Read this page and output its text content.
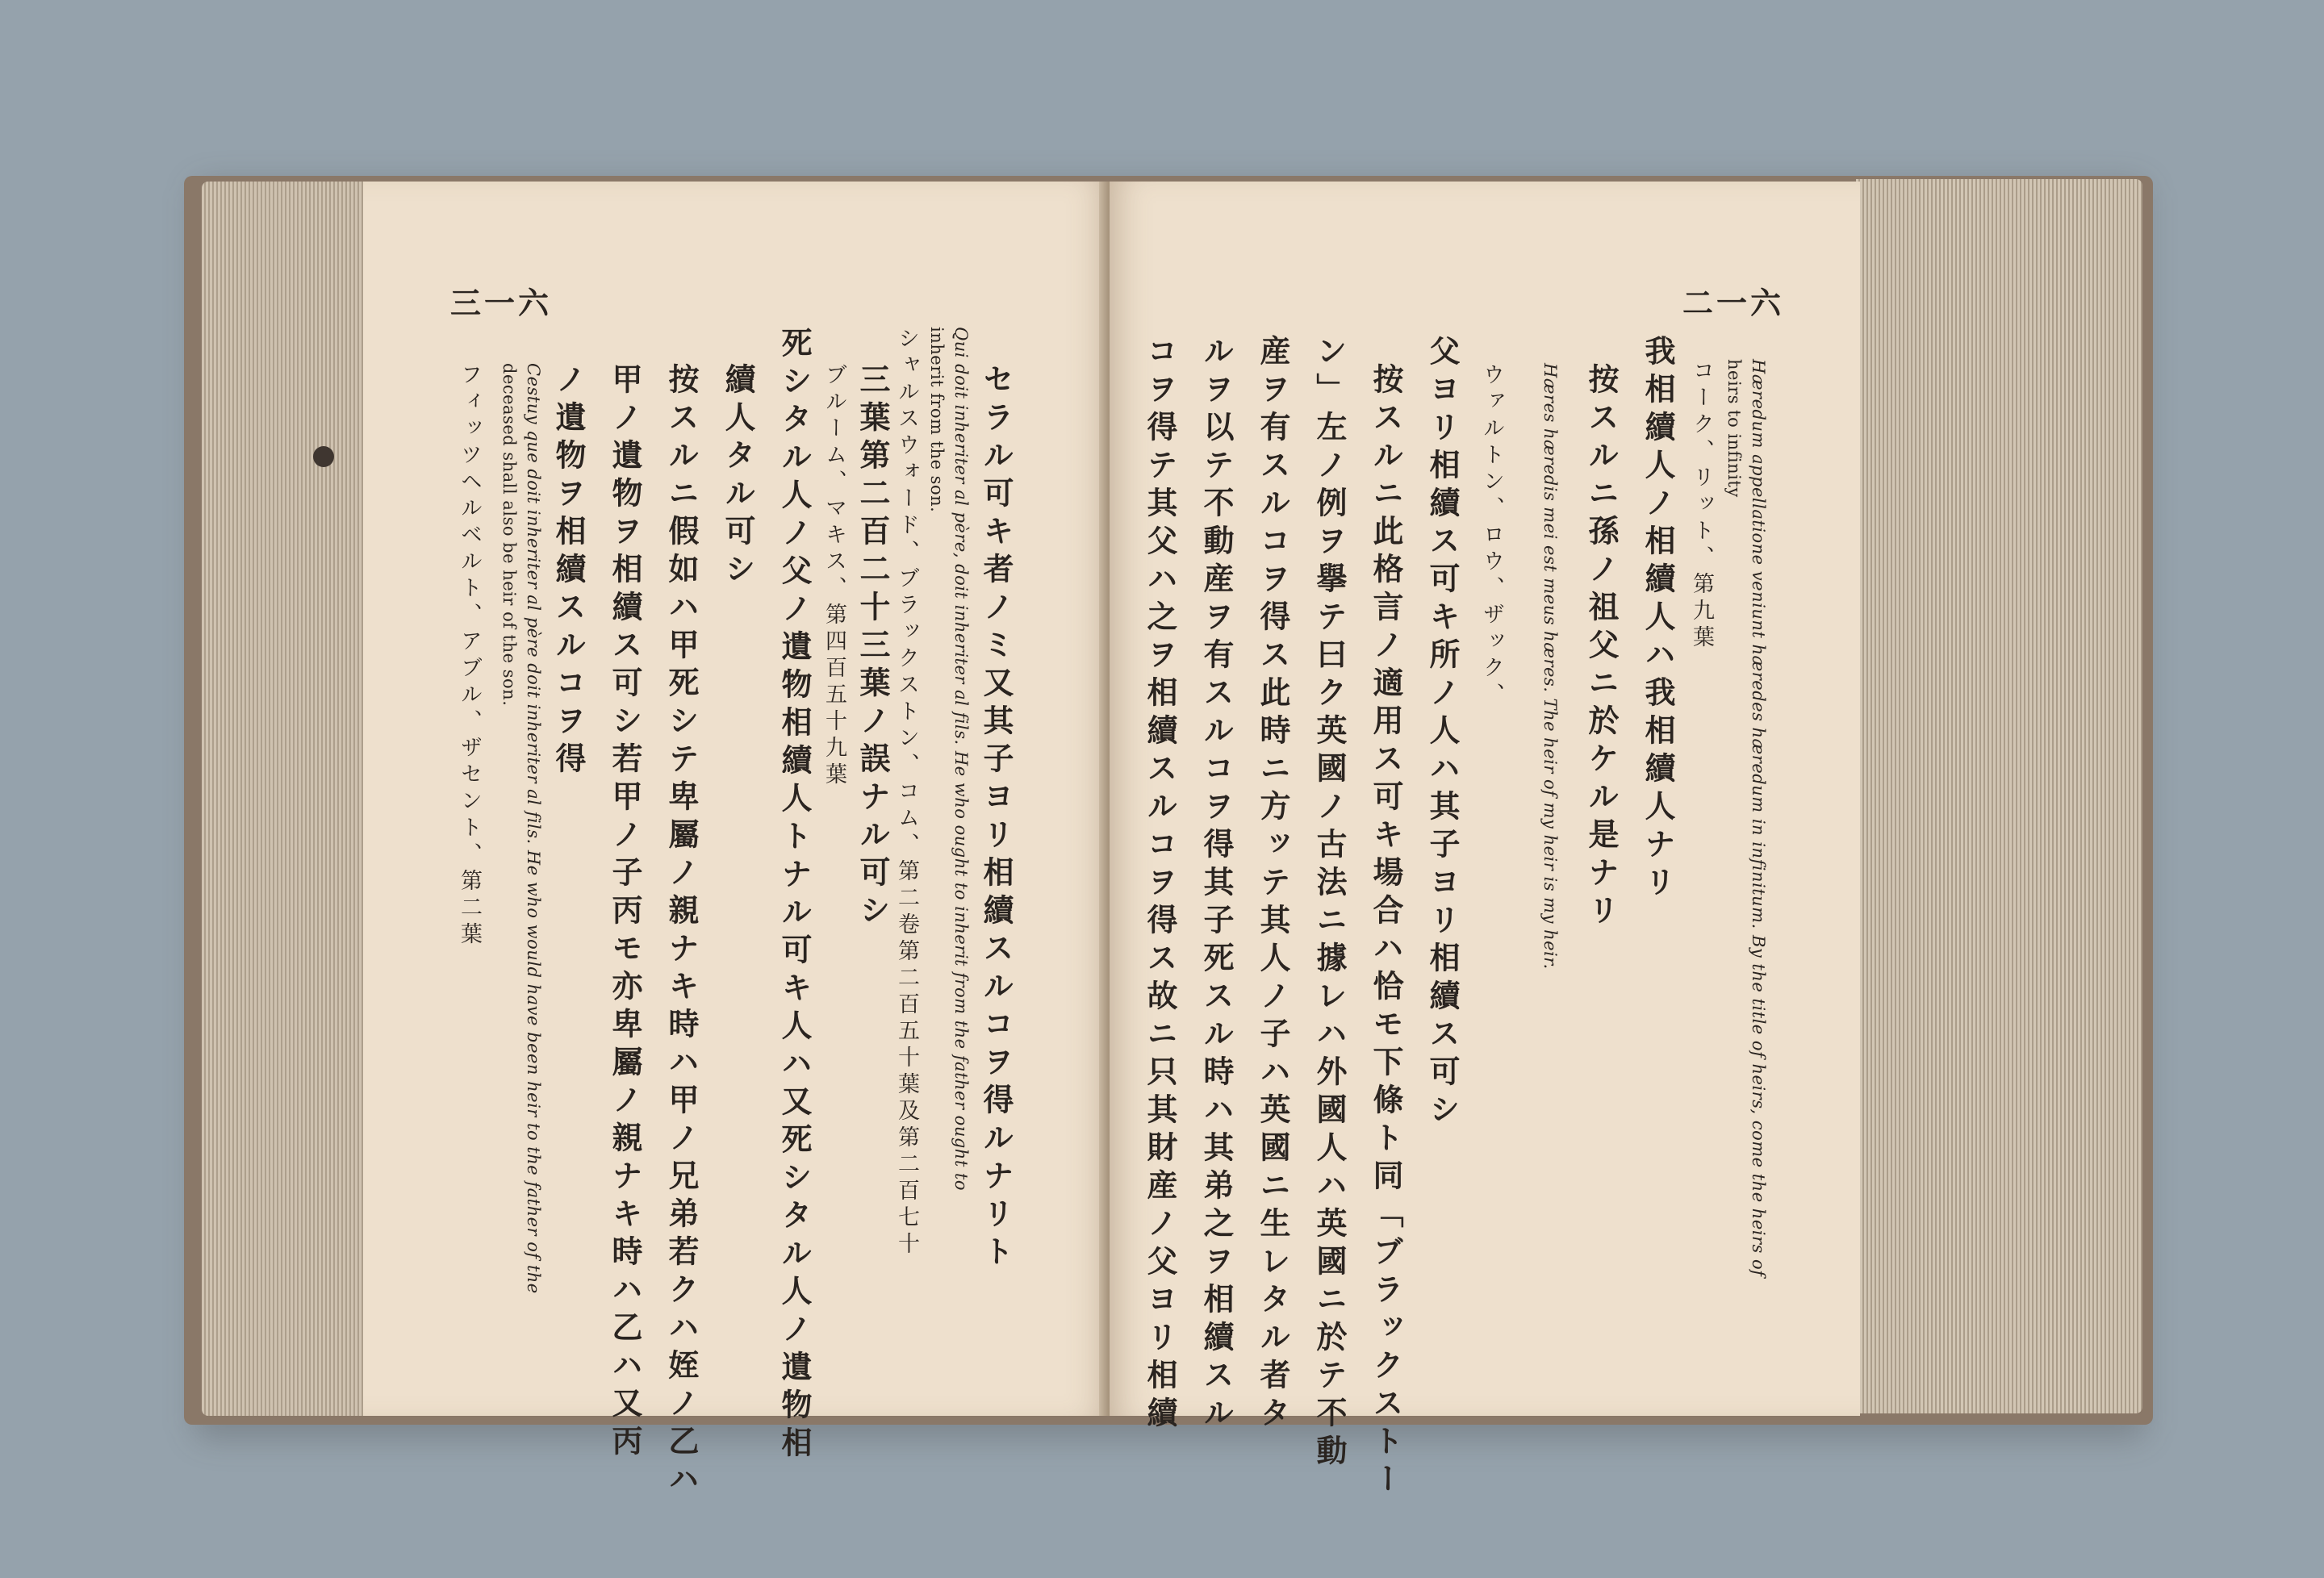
三一六
セラル可キ者ノミ又其子ヨリ相續スルコヲ得ルナリト
Qui doit inheriter al père, doit inheriter al fils. He who ought to inherit from the father ought to
inherit from the son.
シャルスウォード、ブラックストン、コム、第二卷第二百五十葉及第二百七十
三葉第二百二十三葉ノ誤ナル可シ
ブルーム、マキス、第四百五十九葉
死シタル人ノ父ノ遺物相續人トナル可キ人ハ又死シタル人ノ遺物相
續人タル可シ
按スルニ假如ハ甲死シテ卑屬ノ親ナキ時ハ甲ノ兄弟若クハ姪ノ乙ハ
甲ノ遺物ヲ相續ス可シ若甲ノ子丙モ亦卑屬ノ親ナキ時ハ乙ハ又丙
ノ遺物ヲ相續スルコヲ得
Cestuy que doit inheriter al père doit inheriter al fils. He who would have been heir to the father of the
deceased shall also be heir of the son.
フィッツヘルベルト、アブル、ザセント、第二葉
二一六
Hæredum appellatione veniunt hæredes hæredum in infinitum. By the title of heirs, come the heirs of
heirs to infinity
コーク、リット、第九葉
我相續人ノ相續人ハ我相續人ナリ
按スルニ孫ノ祖父ニ於ケル是ナリ
Hæres hæredis mei est meus hæres. The heir of my heir is my heir.
ウァルトン、ロウ、ザック、
父ヨリ相續ス可キ所ノ人ハ其子ヨリ相續ス可シ
按スルニ此格言ノ適用ス可キ場合ハ恰モ下條ト同「ブラックストー
ン」左ノ例ヲ擧テ曰ク英國ノ古法ニ據レハ外國人ハ英國ニ於テ不動
産ヲ有スルコヲ得ス此時ニ方ッテ其人ノ子ハ英國ニ生レタル者タ
ルヲ以テ不動産ヲ有スルコヲ得其子死スル時ハ其弟之ヲ相續スル
コヲ得テ其父ハ之ヲ相續スルコヲ得ス故ニ只其財産ノ父ヨリ相續
